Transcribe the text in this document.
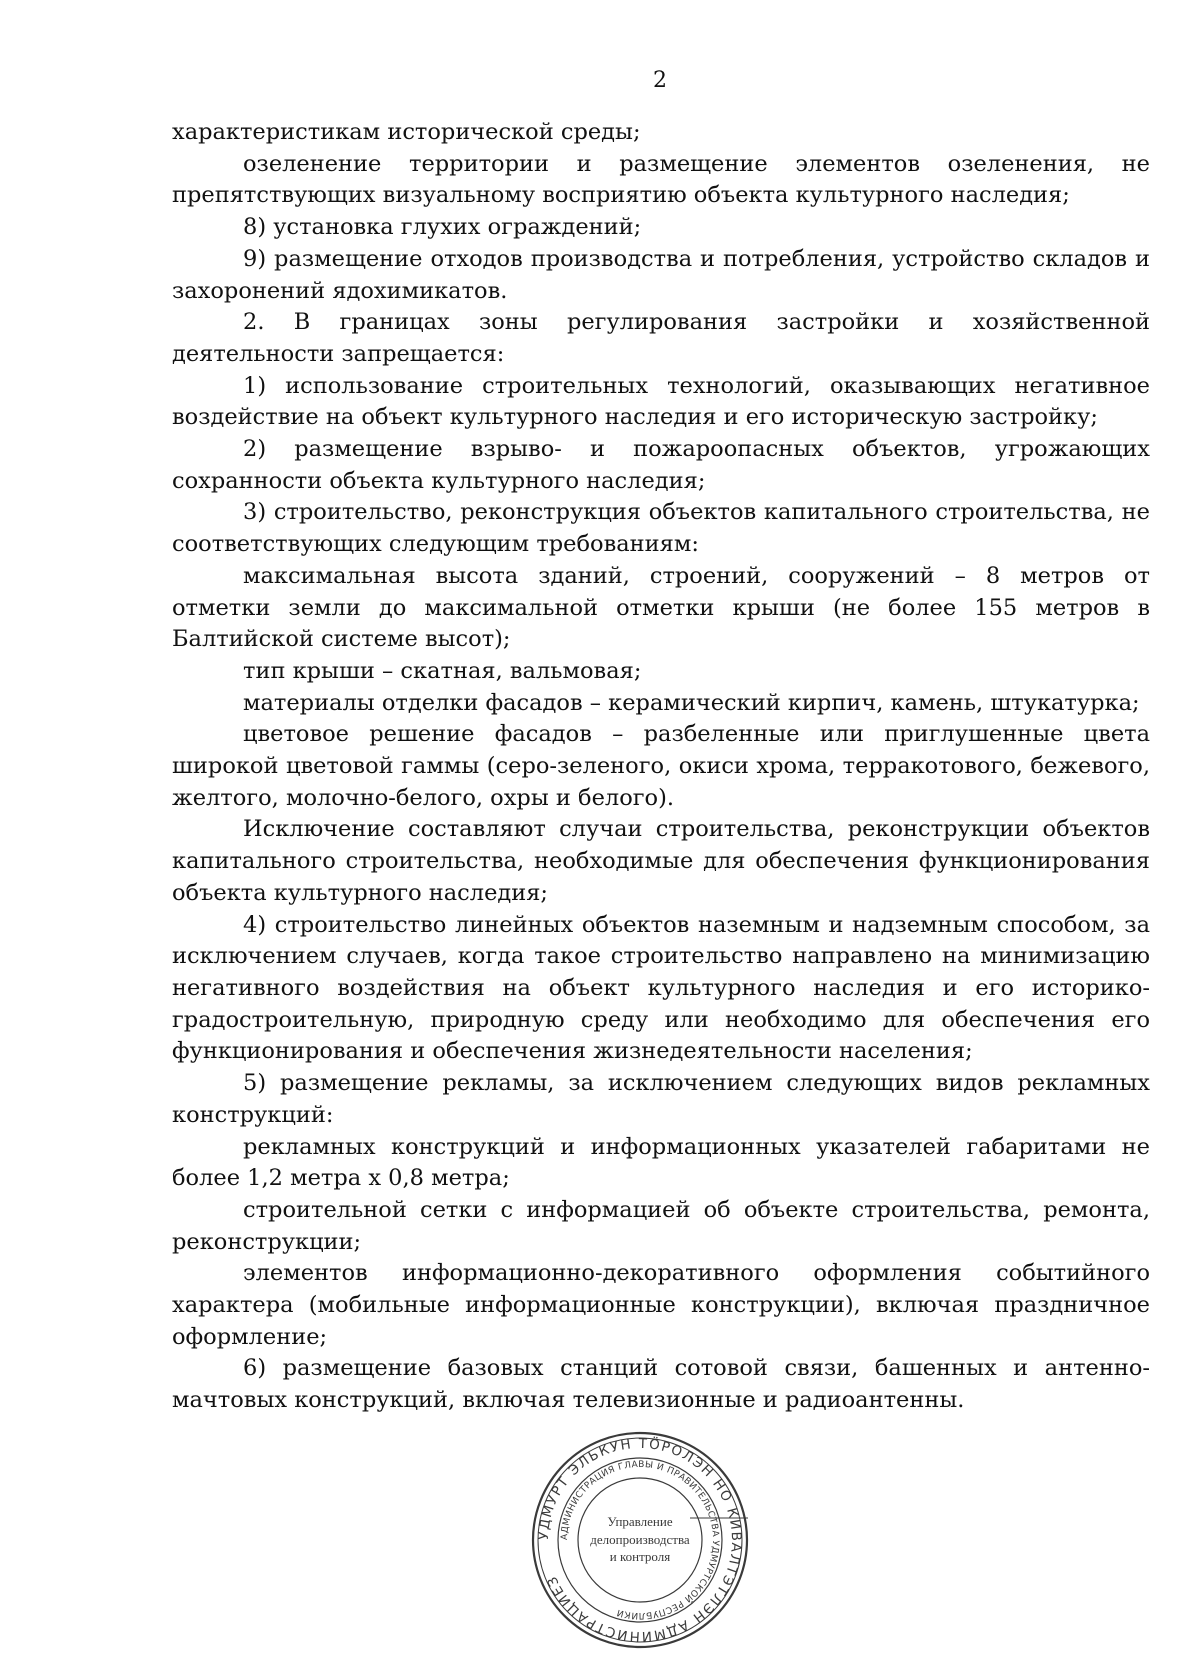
2

характеристикам исторической среды;

озеленение территории и размещение элементов озеленения, не препятствующих визуальному восприятию объекта культурного наследия;

8) установка глухих ограждений;

9) размещение отходов производства и потребления, устройство складов и захоронений ядохимикатов.

2. В границах зоны регулирования застройки и хозяйственной деятельности запрещается:

1) использование строительных технологий, оказывающих негативное воздействие на объект культурного наследия и его историческую застройку;

2) размещение взрыво- и пожароопасных объектов, угрожающих сохранности объекта культурного наследия;

3) строительство, реконструкция объектов капитального строительства, не соответствующих следующим требованиям:

максимальная высота зданий, строений, сооружений – 8 метров от отметки земли до максимальной отметки крыши (не более 155 метров в Балтийской системе высот);

тип крыши – скатная, вальмовая;

материалы отделки фасадов – керамический кирпич, камень, штукатурка;

цветовое решение фасадов – разбеленные или приглушенные цвета широкой цветовой гаммы (серо-зеленого, окиси хрома, терракотового, бежевого, желтого, молочно-белого, охры и белого).

Исключение составляют случаи строительства, реконструкции объектов капитального строительства, необходимые для обеспечения функционирования объекта культурного наследия;

4) строительство линейных объектов наземным и надземным способом, за исключением случаев, когда такое строительство направлено на минимизацию негативного воздействия на объект культурного наследия и его историко-градостроительную, природную среду или необходимо для обеспечения его функционирования и обеспечения жизнедеятельности населения;

5) размещение рекламы, за исключением следующих видов рекламных конструкций:

рекламных конструкций и информационных указателей габаритами не более 1,2 метра х 0,8 метра;

строительной сетки с информацией об объекте строительства, ремонта, реконструкции;

элементов информационно-декоративного оформления событийного характера (мобильные информационные конструкции), включая праздничное оформление;

6) размещение базовых станций сотовой связи, башенных и антенно-мачтовых конструкций, включая телевизионные и радиоантенны.

УДМУРТ ЭЛЬКУН ТӦРОЛЭН НО КИВАЛТЭТЛЭН АДМИНИСТРАЦИЕЗ
АДМИНИСТРАЦИЯ ГЛАВЫ И ПРАВИТЕЛЬСТВА УДМУРТСКОЙ РЕСПУБЛИКИ
Управление
делопроизводства
и контроля
